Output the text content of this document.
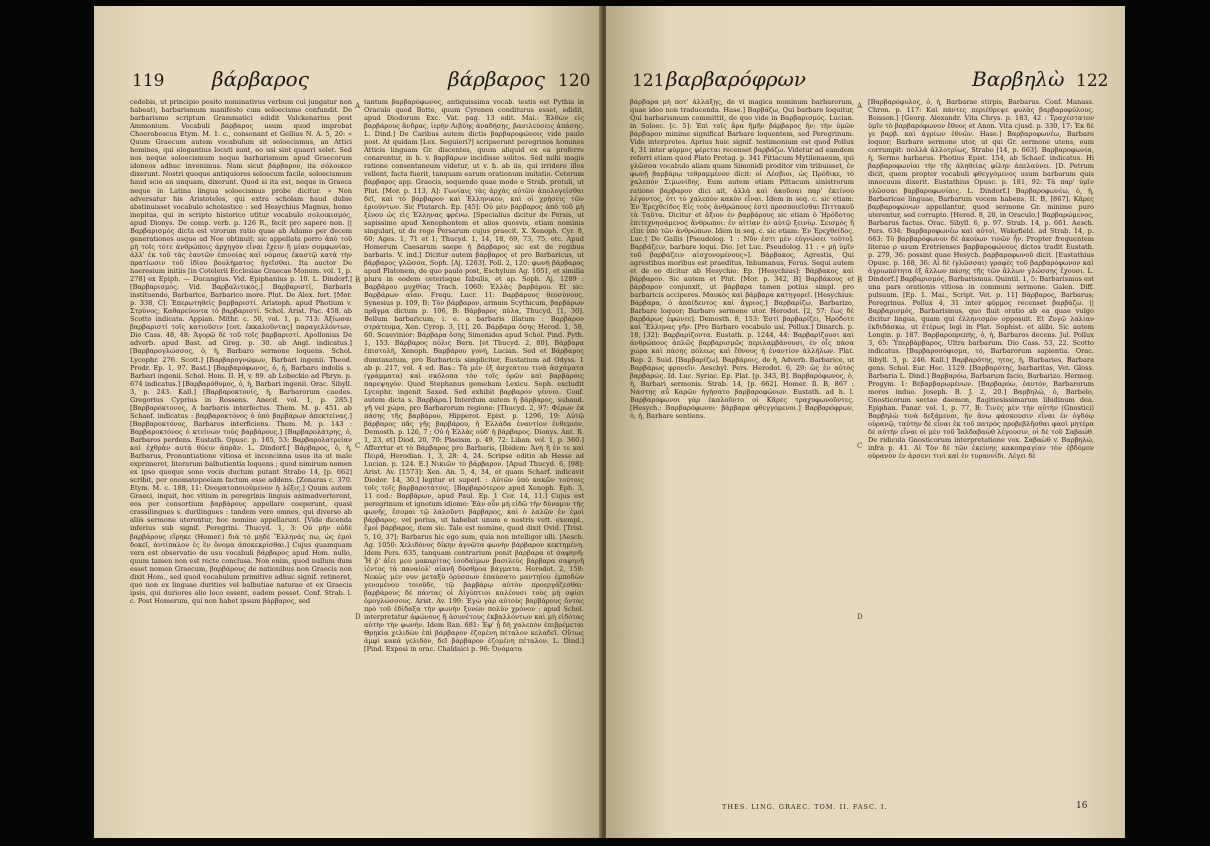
119 βάρβαρος	βάρβαρος 120

cedebis, ut principio posito nominativus verbum cui jungatur non habeat), barbarismum manifesto cum soloecismo confundit. De barbarismo scriptum Grammatici edidit Valckenarius post Ammonium. Vocabuli βάρβαρος usum quod improbat Choeroboscus Etym. M. 1. c., consonant et Gellius N. A. 5, 20: « Quum Graecum autem vocabulum sit soloecismus, an Attici homines, qui elegantius locuti sunt, eo usi sint quaeri solet. Sed nos neque soloecismum neque barbarismum apud Graecorum idoneos adhuc invenimus. Nam sicut βάρβαρον, ita σόλοικον dixerunt. Nostri quoque antiquiores soloecum facile, soloecismum haud scio an unquam, dixerunt. Quod si ita est, neque in Graeca neque in Latina lingua soloecismus probe dicitur. » Non adversatur his Aristoteles, qui extra scholam haud dubie abstinuisset vocabulo scholastico : sed Hesychius Magnus, homo inepitas, qui in scripto historico utitur vocabulo σολοικισμός, apud Dionys. De comp. verb. p. 126 R., fecit pro sapere non. || Βαρβαρισμός dicta est virorum ratio quae ab Adamo per decem generationes usque ad Noe obtinuit; sic appellata porro ἀπὸ τοῦ μὴ τοῖς τότε ἀνθρώποις ἀρχηγὸν εἶναι ἔχειν ἢ μίαν συμφωνίαν, ἀλλ' ἐκ τοῦ τὰς ἑαυτῶν ἐπινοίας καὶ νόμους ἑκαστῷ κατὰ τὴν πρατίωσιν τοῦ ἰδίου βουλήματος ἡγεῖσθαι. Ita auctor De haeresium initiis [in Cotelerii Ecclesiae Graecae Monum. vol. 1, p. 278] ex Epiph. — Ducangius. Vid. Epiphanius p. 10. L. Dindorf.] [Βαρβαρισμός. Vid. Βαρβαλιτικός.] Βαρβαριστί, Barbaris instituendo, Barbarice, Barbarico more. Plut. De Alex. fort. [Mor. p. 338, C]: Ἐπερωτηθεὶς βαρβαριστί. Aristoph. apud Photium v. Στρύνος; Καθαρεύοντα τὸ βαρβαριστί. Schol. Arist. Pac. 458. ab Scotto indicata. Appian. Mithr. c. 50, vol. 1, p. 713: Ἀξίωσαι βαρβαριστί τοῖς κατιοῦσιν [cet. ἐκκαλοῦντας] παραγελλόντων, Dio Cass. 48, 48: Ἀγορῷ δὲ τοῦ τοῖς βαρβαριστί. Apollonius De adverb. apud Bast. ad Greg. p. 30. ab Angl. indicatus.] [Βαρβαρογλώσσος, ὁ, ἡ, Barbaro sermone loquens. Schol. Lycophr. 276. Scott.] [Βαρβαρογνώμων, Barbari ingenii. Theod. Prodr. Ep. 1, 97. Bast.] [Βαρβαρόφωνος, ὁ, ἡ, Barbaro indolis s. Barbari ingenii. Schol. Hom. II. H, v. 89. ab Lobeckio ad Phryn. p. 674 indicatus.] [Βαρβαρόθυμος, ὁ, ἡ, Barbari ingenii. Orac. Sibyll. 3, p. 243. Kall.] [Βαρβαροκτονίς, ἡ, Barbarorum caedes. Gregorius Cyprius in Rossens. Anecd. vol. 1, p. 285.] [Βαρβαρόκτονος, A barbaris interfectus. Them. M. p. 451. ab Schaef. indicatus : βαρβαροκτόνος ὁ ὑπὸ βαρβάρων ἀπεκτείνας.] [Βαρβαροκτόνος, Barbaros interficiens. Them. M. p. 143 : Βαρβαροκτόνος ὁ κτείνων τοὺς βαρβάρους.] [Βαρβαρολάτρης, ὁ, Barbaros perdens. Eustath. Opusc. p. 165, 53: Βαρβαρολατρείαν καὶ ἐχθρὰν αυτὰ θύειν ἀπρᾶν. L. Dindorf.] Βάρβαρος, ὁ, ἡ, Barbarus, Pronuntiatione vitiosa et inconcinna usus ita ut male exprimeret, literarum balbutientia loquens ; quod nimirum nomen ex ipso quoque sono vocis ductum putant Strabo 14, [p. 662] scribit, per onomatopoeiam factum esse addens. [Zonaras c. 370. Etym. M. c. 188, 11: Ὀνοματοποιούμενον ἡ λέξις.] Quum autem Graeci, inquit, hoc vitium in peregrinis linguis animadverterent, eos per consortium βαρβάρους appellare coeperunt, quasi crassilingues s. durilingues : tandem vero omnes, qui diverso ab aliis sermone uterentur, hoc nomine appellarunt. [Vide dicenda inferius sub signif. Peregrini. Thucyd. 1, 3: Οὐ μὴν οὐδὲ βαρβάρους εἴρηκε (Homer.) διὰ τὸ μηδὲ Ἕλληνάς πω, ὡς ἐμοὶ δοκεῖ, ἀντίπαλον ἐς ἓν ὄνομα ἀποκεκρίσθαι.] Cujus quamquam vera est observatio de usu vocabuli βάρβαρος apud Hom. nullo, quum tamen non est recte conclusa. Non enim, quod nullum dum esset nomen Graecum, βαρβάρους de nationibus non Graecis non dixit Hom., sed quod vocabulum primitive adhuc signif. retineret, quo non ex linguae durities vel balbutiae naturae et ex Graecis ipsis, qui duriores alio loco essent, eadem posset. Conf. Strab. l. c. Post Homerum, qui non habet ipsum βάρβαρος, sed

A
B
C
D

tantum βαρβαρόφωνος, antiquissima vocab. testis est Pythia in Oraculo quod Batto, quum Cyrenen conditurus esset, edidit, apud Diodorum Exc. Vat. pag. 13 edit. Mai.: Ἐλθὼν εἰς βαρβάρους ἄνδρας, ἱερὴν Λιβύης ἀναδήσῃς, βασιλεύσεις ἀπάσης. L. Dind.] De Caribus autem dictis βαρβαροφώνοις vide paulo post. At quidam [Lex. Seguieri?] scripserunt peregrinos homines Atticis linguam Gr. discentes, quum aliquid ex ea proferre conarentur, in h. v. βαρβάρων incidisse solitos. Sed mihi magis ratione consentaneum videtur, ut v. h. ab iis, qui irridere illos vellent, facta fuerit, tanquam earum orationum imitatio. Ceterum βάρβαρος app. Graecis, sequendo quae modo e Strab. protuli, ut Plut. [Mor. p. 113, A]: Γωνίαις τὰς ἀρχὰς αὐτῶν ἀπολογείσθαι δεῖ, καὶ τὸ βάρβαρον καὶ Ἑλληνικόν, καὶ οἱ χρήσεις τῶν ἐριούντων. Sic Plutarch. Ep. [45]: Οὐ μὲν βάρβαρος ἀπὸ τοῦ μὴ ξένου ὡς εἰς Ἑλληνας φρένω. [Specialius dicitur de Persis, ut sapissime apud Xenophontem et alios quosvis, etiam nominis singulari, ut de rege Persarum cujus praecit. X. Xenoph. Cyr. 8, 60; Ages. 1, 71 et 1; Thucyd. 1, 14, 18, 69, 73, 75, etc. Apud Homerum Caesarum saepe ἡ βάρβαρος sic est de regibus barbaris. V. ind.] Dicitur autem βάρβαρος et pro Barbaricus, ut βάρβαρος γλῶσσα, Soph. [Aj. 1263]. Poll. 2, 120: φωνὴ βάρβαρος apud Platonem, de quo paulo post, Eschylum Ag. 1051, et similia plura in eodem ceterisque fabulis, et ap. Soph. Aj. 1289 : Βαρβάρου μυχθίας Trach. 1060: Ἑλλὰς βαρβάρου. Et sic: Βαρβάρων αἶαν. Frequ. Lucr. 11: Βαρβάρους θεοσύνους. Synesius p. 109, B: Τὸν βάρβαρον, armum Scythicum, βαρβάρων πρᾶγμα dictum p. 106, B: Βάρβαρος πύλα, Thucyd. [1, 30]. Bellum barbaricum, i. e. a barbaris illatum : Βαρβάρον στράτευμα, Xen. Cyrop. 3, [1], 26. Βάρβαρα ὅσης Herod. 1, 58, 60. Scaevinior: Βάρβαρα ὅσης Simonides apud Schol. Pind. Pyth. 1, 153. Βάρβαρος πόλις Bern. [et Thucyd. 2, 80]. Βάρβαρα ἐπιστολή, Xenoph. Βαρβάρου γυνή, Lucian. Sed et Βάρβαρος dumtaxatum, pro Barbaricis simpliciter, Eustatium ad Odyss. 1 ab p. 217, vol. 4 ed. Bas.: Τὰ μὲν ἐξ ἀσχεάτου τινὰ ἀσχάματα (γράμματα) καὶ σκόλοπα τὸν τοῖς ὀρῶν καὶ βαρβάροις παρεψηγὸν. Quod Stephanus gemebam Lexicu. Soph. excludit Lycophr. ingenit Saxed. Sed exhibit βαρβαρόν γέννοι. Conf. autem dicta s. Βαρβάρα.] Interdum autem ἡ βάρβαρος, subaud. γῆ vel χώρα, pro Barbarorum regione: [Thucyd. 2, 97: Φέρων ἐκ πάσης τῆς βαρβάρου, Hipperot. Epist. p. 1296, 19: Αὐτῷ βάρβαρος πᾶς γῆς βαρβάρου, ἡ Ἑλλάδα ἐναντίον ἐνθεμιόν, Demosth. p. 126, 7 ; Οὐ ἡ Ἑλλὰς οὐδ' ἡ βάρβαρος. Dionys. Ant. R. 1, 23, et] Diod. 20, 70: Plaeism. p. 49, 72: Liban. vol. 1, p. 360.] Afferrtur et τὸ Βάρβαρος pro Barbaris, [Ibidem: Ἀνὴ ἢ ἐν τε καὶ Πειρᾶ, Herodian. 1, 3, 28: 4, 24. Scripse editio ab Hesse ad Lucian. p. 124. E.] Νικιῶν τὸ βάρβαρον. [Apud Thucyd. 6, [98]: Arist. Av. [1573]: Xen. An. 5, 4, 34, et quam Scharf. indicavit Diodor. 14, 30.] legitur et superl. : Αὐτῶν ὑπὸ κακῶν τούτοις τοῖς τοῖς βαρβαροτάτοις. [Βαρβαρότερον apud Xenoph. Eph. 3, 11 cod.: Βαρβάρων, apud Paul. Ep. 1 Cor. 14, 11.] Cujus est peregrinum et ignotum idiomo: Ἐὰν οὖν μὴ εἰδῶ τὴν δύναμιν τῆς φωνῆς, ἔσομαι τῷ λαλοῦντι βάρβαρος, καὶ ὁ λαλῶν ἐν ἐμοὶ βάρβαρος. vel porius, ut habebat unum e nostris vett. exempl., ἔμοὶ βάρβαρος, item sic. Tale est nomine, quod dixit Ovid. [Trist. 5, 10, 37]: Barbarus hic ego sum, quia non intelligor ulli. [Aesch. Ag. 1050: Χελιδόνος δίκην ἀγνῶτα φωνὴν βάρβαρον κεκτημένη. Idem Pers. 635, tanquam contrarium ponit βάρβαρα et σαφηνῆ: Ἦ ῥ' ἀΐει μου μακαρίτας ἰσοδαίμων βασιλεὺς βάρβαρα σαφηνῆ ἱέντος τὰ παναίολ' αἰανῆ δύσθροα βάγματα. Herodot. 2, 158: Νεκὼς μὲν νυν μεταξὺ ὀρύσσων ἐπαύσατο μαντηίου ἐμποδὼν γενομένου τοιοῦδε, τῷ βαρβάρῳ αὐτὸν προεργάζεσθαι· βαρβάρους δὲ πάντας οἱ Αἰγύπτιοι καλέουσι τοὺς μὴ σφίσι ὁμογλώσσους. Arist. Av. 199: Ἐγὼ γὰρ αὐτοὺς βαρβάρους ὄντας πρὸ τοῦ ἐδίδαξα τὴν φωνὴν ξυνὼν πολὺν χρόνον : apud Schol. interpretatur ἀφώνους ἢ ἀσυνέτους ἐκβαλλόντων καὶ μὴ εἰδότας αὐτὴν τὴν φωνήν. Idem Ran. 681: Ἐφ' ᾗ δὴ χαλεπὸν ἐπιβρέμεται Θρῃκία χελιδὼν ἐπὶ βάρβαρον ἑζομένη πέταλον κελαδεῖ. Οὕτως ἀμφὶ κακὰ γελιδόν, δεῖ βάρβαρον ἑζομένη πέταλον. L. Dind.] [Pind. Exposi in orac. Chaldaici p. 96: Ὀνόματα

121 βαρβαρόφρων	Βαρβηλὼ 122

βάρβαρα μὴ ποτ' ἀλλάξῃς, de vi magica nominum barbarorum, quae ideo non traducenda. Hase.] Βαρβάζω, Qui barbare loquitur, Qui barbarismum committit, de quo vide in Βαρβαρισμός. Lucian. in Soloec. [c. 5]: Ἐπὶ τοῖς ἄρα ἥμῆν βάρβαρος ἤν; τὴν ὑμῶν βάρβαρον minime significat Barbare loquentem, sed Peregrinum. Vide interpretes. Aprius huic signif. testimonium est quod Pollux 4, 31 inter φύρμος φέρεται recenset βαρβάζω. Videtur ad eamdem referri etiam quod Plato Protag. p. 341 Pittacum Mytilenaeum, qui γλῶσσα vocabulo aliam quam Simonidi proditor vim tribuisset, ἐν φωνῇ βαρβάρῳ τεθραμμένον dicit: οἱ Λέσβιοι, ὡς Πρόδικε, τὸ χαλεπὸν Σιμωνίδης. Eum autem etiam Pittacum sinistrorum ratione βάρβαρον dici ait, ἀλλὰ καὶ ἀκοῦσαι παρ' ἐκείνου λέγοντος, ὅτι τὸ χαλεπὸν κακὸν εἶναι. Idem in seq. c. sic etiam: Ἐν Ἐρεχθείδος Εἰς τοὺς ἀνθρώπους ἐστὶ προσποιεῖσθαι Πιττακοῦ τὰ Ταῦτα. Dicitur et ἄξιον ἐν βαρβάρους sic etiam ὁ Ἡρόδοτος ἐπιτεχνησάμενος ἄνθρωποι: ἐν αἰτίαν ἐν αὐτῷ ξεινίῳ. Σεισμὸς ἢ εἴπε ὑπὸ τῶν ἀνθρώπων. Idem in seq. c. sic etiam: Ἐν Ἐρεχθείδος. Luc.] De Gallis [Pseudolog. 1 : Νῦν ἐστι μὲν εὐγνώσει τοῦτο]. Βαρβάζειν, barbare loqui. Dio. [et Luc. Pseudolog. 11 : « μὴ ὑμῖν τοῦ βαρβάζειν αἰσχυνομένους»]. Βάρβακος, Agrestis, Qui agrestibus moribus est praeditus, Inhumanus, Ferus. Sequi autem et de eo dicitur ab Hesychio: Ep. [Hesychius]: Βάρβακος καὶ βάρβαρον. Sic autem et Plut. [Mor. p. 342, B] Βαρβάκους et βάρβαρον conjunxit, ut βάρβαρα tamen potius simpl. pro barbaricis acciperes. Μαυκὸς καὶ βάρβαρα κατηγορεῖ. [Hesychius: Βάρβαρα, ὁ ἀπαίδευτος καὶ ἄγριος.] Βαρβαρίζω, Barbarizo, Barbare loquor; Barbaro sermone utor. Herodot. [2, 57: ἕως δὲ βαρβάρως ἐφώνεε]. Demosth. 8, 153: Ἐστὶ βαρβαρίζει, Ἡρόδοτε καὶ Ἕλληνας γῆν. [Pro Barbaro vocabulo usi. Pollux.] Dinarch. p. 18, [32]: Βαρβαρίζοντα. Eustath. p. 1244, 44: Βαρβαρίζουσι καὶ ἀνθρώπους ἁπλῶς βαρβαρισμῶς περιλαμβάνουσι, ἐν οἷς πάσα χώρα καὶ πάσης πόλεως καὶ ἔθνους ἡ ἐναντίον ἀλλήλων. Plat. Rep. 2. Suid. [Βαρβαρίζω]. Βαρβάροις, de ἡ, Adverb. Barbarice, ut Βαρβάρως φρονεῖν. Aeschyl. Pers. Herodot. 6, 29: ὡς ἐν αὐτὸς βαρβαρώς. Id. Luc. Syriac. Ep. Plat. [p. 343, B]. Βαρβαρόφωνος, ὁ, ἡ, Barbari sermonis. Strab. 14, [p. 662]. Homer. Il. B, 867 : Νάστης αὖ Καρῶν ἡγήσατο βαρβαροφώνων. Eustath. ad h. l. Βαρβαρόφωνοι γὰρ ἐκαλοῦντο οἱ Κᾶρες τραχυφωνοῦντες. [Hesych.: Βαρβαρόφωνοι· βάρβαρα φθεγγόμενοι.] Βαρβαρόφρων, ὁ, ἡ, Barbare sentiens.

A
B
C
D

[Βαρβαρόφυλος, ὁ, ἡ, Barbarae stirpis, Barbarus. Conf. Manass. Chron. p. 117: Καὶ πάντες περιέθρεψε φυλὰς βαρβαροφύλους. Boisson.] [Georg. Alexandr. Vita Chrys. p. 183, 42 : Τραχέστατον ὑμῖν τὸ βαρβαρόφωνον ἔθνος et Anon. Vita cjusd. p. 330, 17: Ἐκ δὲ γε βαρβ. καὶ ἀγρίων ἐθνῶν. Hase.] Βαρβαροφωνέω, Barbare loquor; Barbaro sermone utor, ut qui Gr. sermone utens, eum corrumpit: πολλὰ ἀλλοτρίως, Strabo [14, p. 663]. Βαρβαροφωνία, ἡ, Sermo barbarus. Photius Epist. 154, ab Schaef. indicatus. Hi βαρβαροφωνίαι τὴν τῆς ἀληθείας φίλην ἀπελαύνει. [D. Petrum dicit, quem propter vocabuli φθεγγόμενος usum barbarum quis innocuum dixerit. Eustathius Opusc. p. 181, 92: Τὰ παρ' ὑμῖν γλῶσσαι βαρβαροφωνίαις. L. Dindorf.] Βαρβαροφωνέω, ὁ, ἡ, Barbaricae linguae, Barbarum vocem habens. II. B, [867]. Κᾶρες βαρβαροφώνων appellantur, quod sermone Gr. minime puro uterentur, sed corrupto. [Hered. 8, 20, in Oraculo.] Βαρβαρώμενος, Barbarus factus. Orac. Sibyll. 6, p. 97. Strab. 14, p. 661. Aesch. Pers. 634: Βαρβαροφωνέω καὶ αὐτοὶ, Wakefield. ad Strab. 14, p. 663: Τὸ βαρβαρόφωνον δὲ ἀκούων τινῶν ἦν. Propter frequentem literae ρ usum Eretrienses βαρβαροφώνους dictos tradit Eustath. p. 279, 36: possint quae Hesych. βαρβαροφωνοῦ dicit. [Eustathius Opusc. p. 168, 36: Αἱ δὲ (γλῶσσαι) γραφὲς τοῦ βαρβαρόφωνον καὶ ἀγριωπότητα ἐξ ἄλλων πάσης τῆς τῶν ἄλλων γλώσσης ἔχουσι. L. Dindorf.] Βαρβαρισμός, Barbarismus. Quintil. 1, 5: Barbarismus est una pars orationis vitiosa in communi sermone. Galen. Diff. pulsuum. [Ep. 1. Mai., Script. Vet. p. 11] Βάρβαρος, Barbarus; Peregrinus. Pollux 4, 31 inter φύρμος recenset βαρβάζω. || Βαρβαρισμός, Barbarismus, quo fluit oratio ab ea quae vulgo dicitur lingua, quam qui ἑλληνισμὸν opposuit. Et Ζυγῷ λαλίαν ἐκδιδάσκω, ut ἑτέρως legi in Plat. Sophist. et alibi. Sic autem Longin. p. 187. Βαρβαροπρεπής, ὁ, ἡ, Barbaros decens. Jul. Pollux 3, 65: Ὑπερβάρβαρος, Ultra barbarum. Dio Cass. 53, 22. Scotto indicatus. [Βαρβαροσόφισμα, τό, Barbarorum sapientia. Orac. Sibyll. 3, p. 246. Kall.] Βαρβαρότης, ητος, ἡ, Barbaries, Barbara gens. Schol. Eur. Hec. 1129. [Βαρβαρότης, barbaritas, Vet. Gloss. Barbaria L. Dind.] Βαρβαρόω, Barbarum facio, Barbarizo. Hermog. Progym. 1: Βεβαρβαρωμένων. [Βαρβαρόω, ἑαυτόν, Barbarorum mores induo. Joseph. B. J. 2, 20.] Βαρβηλώ, ὁ, Barbelo, Gnosticorum sectae daemon, flagitiosissimarum libidinum dea. Epiphan. Panar. vol. 1, p. 77, B: Τινὲς μὲν τὴν αὐτὴν (Gnostici) Βαρβηλὼ τινὰ δεξάμενοι, ἣν ἄνω φάσκουσιν εἶναι ἐν ὀγδόῳ οὐρανῷ, ταύτην δὲ εἶναι ἐκ τοῦ πατρὸς προβεβλῆσθαι φασὶ μητέρα δὲ αὐτὴν εἶναι οἱ μὲν τοῦ Ἰαλδαβαὼθ λέγουσιν, οἱ δὲ τοῦ Σαβαώθ. De ridicula Gnosticorum interpretatione vox. Σαβαὼθ v. Βαρβηλώ, infra p. 41. Αἱ Τὸν δὲ τῶν ἐκείνης κακοπραγίαν τὸν ἑβδόμον οὐρανὸν ἐν ἀρσενι τινὶ καὶ ἐν τυραννίδι. Λέγει δὲ

THES. LING. GRAEC. TOM. II. FASC. I.	16
